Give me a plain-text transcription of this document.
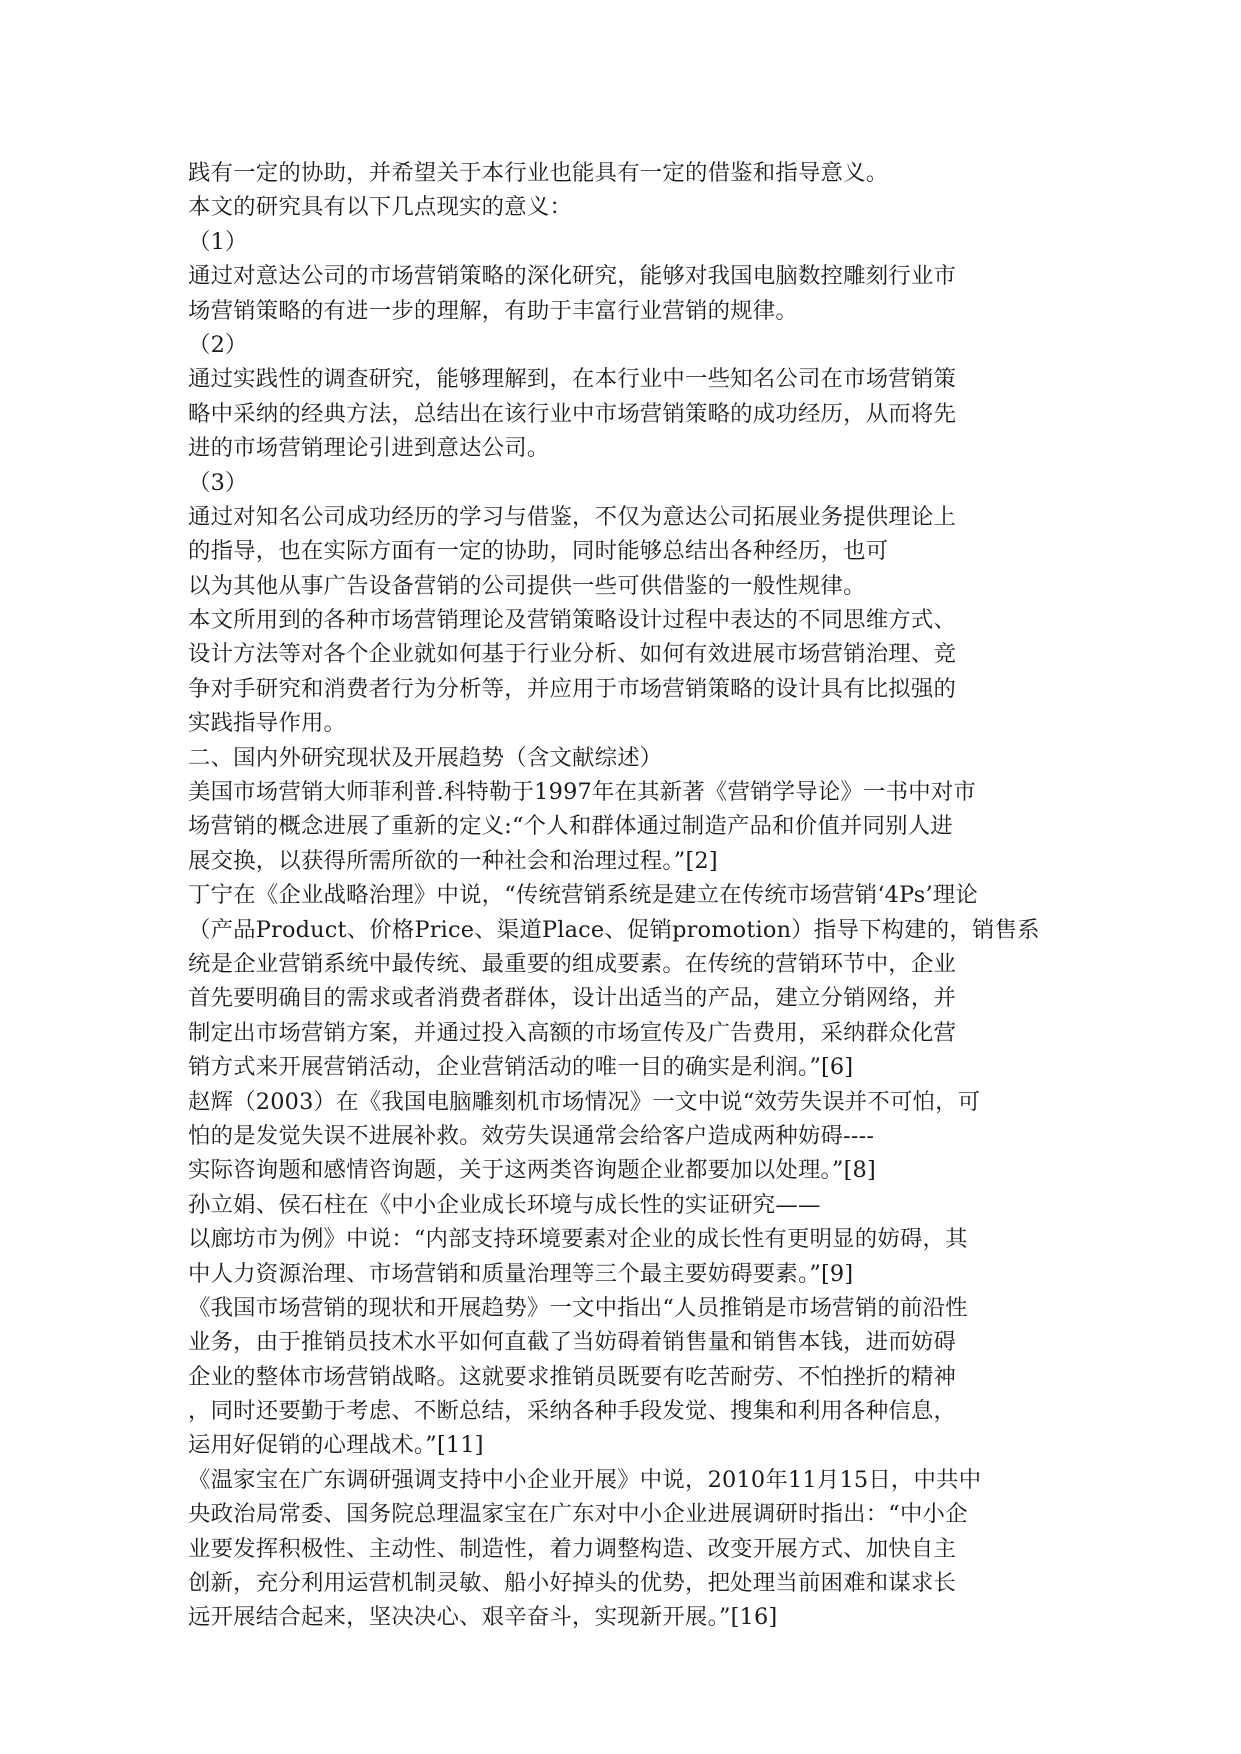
践有一定的协助，并希望关于本行业也能具有一定的借鉴和指导意义。
本文的研究具有以下几点现实的意义：
（1）
通过对意达公司的市场营销策略的深化研究，能够对我国电脑数控雕刻行业市
场营销策略的有进一步的理解，有助于丰富行业营销的规律。
（2）
通过实践性的调查研究，能够理解到，在本行业中一些知名公司在市场营销策
略中采纳的经典方法，总结出在该行业中市场营销策略的成功经历，从而将先
进的市场营销理论引进到意达公司。
（3）
通过对知名公司成功经历的学习与借鉴，不仅为意达公司拓展业务提供理论上
的指导，也在实际方面有一定的协助，同时能够总结出各种经历，也可
以为其他从事广告设备营销的公司提供一些可供借鉴的一般性规律。
本文所用到的各种市场营销理论及营销策略设计过程中表达的不同思维方式、
设计方法等对各个企业就如何基于行业分析、如何有效进展市场营销治理、竞
争对手研究和消费者行为分析等，并应用于市场营销策略的设计具有比拟强的
实践指导作用。
二、国内外研究现状及开展趋势（含文献综述）
美国市场营销大师菲利普.科特勒于1997年在其新著《营销学导论》一书中对市
场营销的概念进展了重新的定义:“个人和群体通过制造产品和价值并同别人进
展交换，以获得所需所欲的一种社会和治理过程。”[2]
丁宁在《企业战略治理》中说，“传统营销系统是建立在传统市场营销‘4Ps’理论
（产品Product、价格Price、渠道Place、促销promotion）指导下构建的，销售系
统是企业营销系统中最传统、最重要的组成要素。在传统的营销环节中，企业
首先要明确目的需求或者消费者群体，设计出适当的产品，建立分销网络，并
制定出市场营销方案，并通过投入高额的市场宣传及广告费用，采纳群众化营
销方式来开展营销活动，企业营销活动的唯一目的确实是利润。”[6]
赵辉（2003）在《我国电脑雕刻机市场情况》一文中说“效劳失误并不可怕，可
怕的是发觉失误不进展补救。效劳失误通常会给客户造成两种妨碍----
实际咨询题和感情咨询题，关于这两类咨询题企业都要加以处理。”[8]
孙立娟、侯石柱在《中小企业成长环境与成长性的实证研究——
以廊坊市为例》中说：“内部支持环境要素对企业的成长性有更明显的妨碍，其
中人力资源治理、市场营销和质量治理等三个最主要妨碍要素。”[9]
《我国市场营销的现状和开展趋势》一文中指出“人员推销是市场营销的前沿性
业务，由于推销员技术水平如何直截了当妨碍着销售量和销售本钱，进而妨碍
企业的整体市场营销战略。这就要求推销员既要有吃苦耐劳、不怕挫折的精神
，同时还要勤于考虑、不断总结，采纳各种手段发觉、搜集和利用各种信息，
运用好促销的心理战术。”[11]
《温家宝在广东调研强调支持中小企业开展》中说，2010年11月15日，中共中
央政治局常委、国务院总理温家宝在广东对中小企业进展调研时指出：“中小企
业要发挥积极性、主动性、制造性，着力调整构造、改变开展方式、加快自主
创新，充分利用运营机制灵敏、船小好掉头的优势，把处理当前困难和谋求长
远开展结合起来，坚决决心、艰辛奋斗，实现新开展。”[16]
